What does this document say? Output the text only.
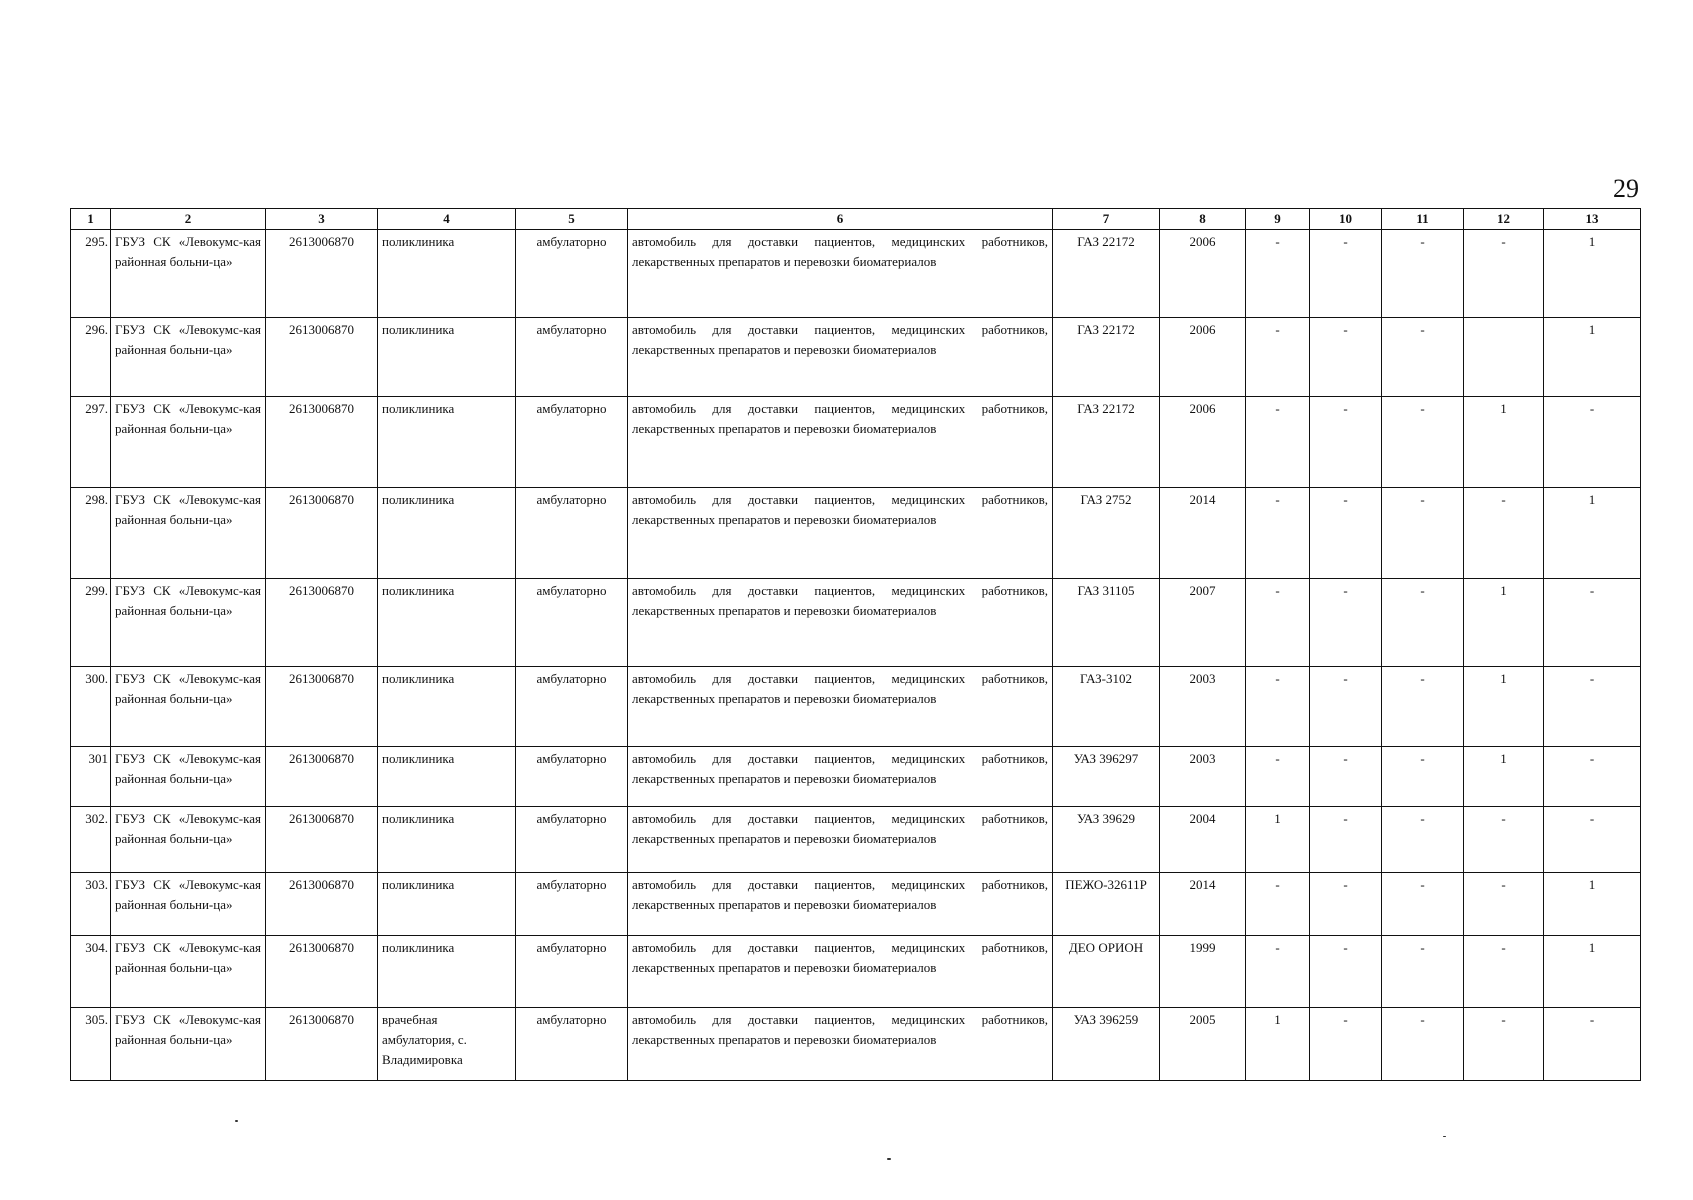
29
1	2	3	4	5	6	7	8	9	10	11	12	13
295.	ГБУЗ СК «Левокумс-кая районная больни-ца»	2613006870	поликлиника	амбулаторно	автомобиль для доставки пациентов, медицинских работников, лекарственных препаратов и перевозки биоматериалов	ГАЗ 22172	2006	-	-	-	-	1
296.	ГБУЗ СК «Левокумс-кая районная больни-ца»	2613006870	поликлиника	амбулаторно	автомобиль для доставки пациентов, медицинских работников, лекарственных препаратов и перевозки биоматериалов	ГАЗ 22172	2006	-	-	-		1
297.	ГБУЗ СК «Левокумс-кая районная больни-ца»	2613006870	поликлиника	амбулаторно	автомобиль для доставки пациентов, медицинских работников, лекарственных препаратов и перевозки биоматериалов	ГАЗ 22172	2006	-	-	-	1	-
298.	ГБУЗ СК «Левокумс-кая районная больни-ца»	2613006870	поликлиника	амбулаторно	автомобиль для доставки пациентов, медицинских работников, лекарственных препаратов и перевозки биоматериалов	ГАЗ 2752	2014	-	-	-	-	1
299.	ГБУЗ СК «Левокумс-кая районная больни-ца»	2613006870	поликлиника	амбулаторно	автомобиль для доставки пациентов, медицинских работников, лекарственных препаратов и перевозки биоматериалов	ГАЗ 31105	2007	-	-	-	1	-
300.	ГБУЗ СК «Левокумс-кая районная больни-ца»	2613006870	поликлиника	амбулаторно	автомобиль для доставки пациентов, медицинских работников, лекарственных препаратов и перевозки биоматериалов	ГАЗ-3102	2003	-	-	-	1	-
301	ГБУЗ СК «Левокумс-кая районная больни-ца»	2613006870	поликлиника	амбулаторно	автомобиль для доставки пациентов, медицинских работников, лекарственных препаратов и перевозки биоматериалов	УАЗ 396297	2003	-	-	-	1	-
302.	ГБУЗ СК «Левокумс-кая районная больни-ца»	2613006870	поликлиника	амбулаторно	автомобиль для доставки пациентов, медицинских работников, лекарственных препаратов и перевозки биоматериалов	УАЗ 39629	2004	1	-	-	-	-
303.	ГБУЗ СК «Левокумс-кая районная больни-ца»	2613006870	поликлиника	амбулаторно	автомобиль для доставки пациентов, медицинских работников, лекарственных препаратов и перевозки биоматериалов	ПЕЖО-32611Р	2014	-	-	-	-	1
304.	ГБУЗ СК «Левокумс-кая районная больни-ца»	2613006870	поликлиника	амбулаторно	автомобиль для доставки пациентов, медицинских работников, лекарственных препаратов и перевозки биоматериалов	ДЕО ОРИОН	1999	-	-	-	-	1
305.	ГБУЗ СК «Левокумс-кая районная больни-ца»	2613006870	врачебная амбулатория, с. Владимировка	амбулаторно	автомобиль для доставки пациентов, медицинских работников, лекарственных препаратов и перевозки биоматериалов	УАЗ 396259	2005	1	-	-	-	-
